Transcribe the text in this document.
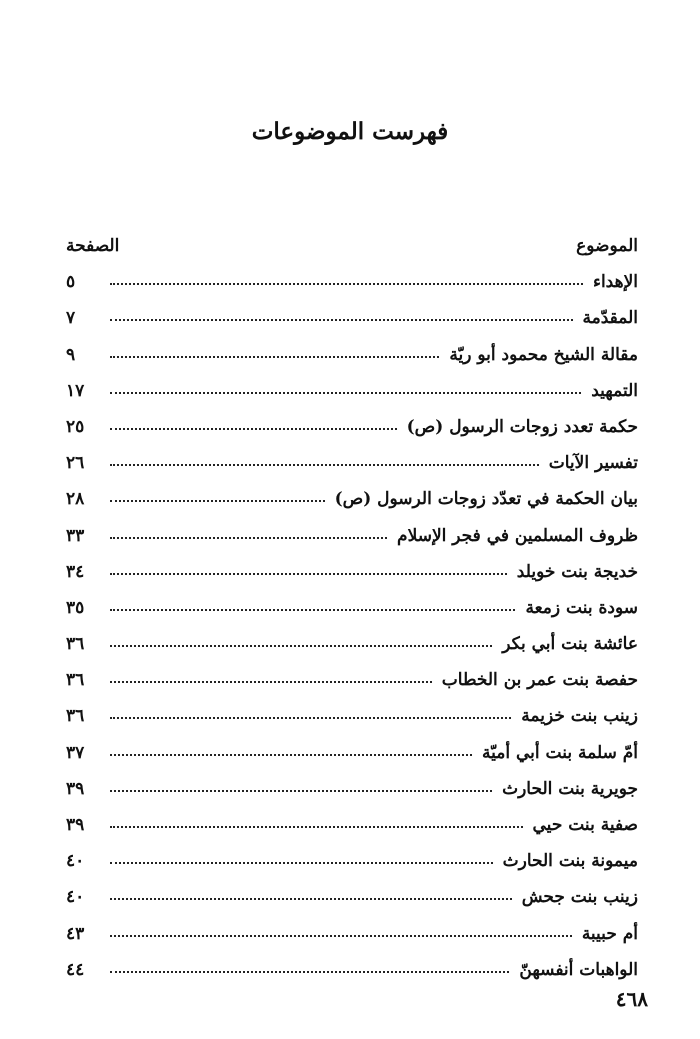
فهرست الموضوعات
الموضوع
الصفحة
الإهداء
٥
المقدّمة
٧
مقالة الشيخ محمود أبو ريّة
٩
التمهيد
١٧
حكمة تعدد زوجات الرسول (ص)
٢٥
تفسير الآيات
٢٦
بيان الحكمة في تعدّد زوجات الرسول (ص)
٢٨
ظروف المسلمين في فجر الإسلام
٣٣
خديجة بنت خويلد
٣٤
سودة بنت زمعة
٣٥
عائشة بنت أبي بكر
٣٦
حفصة بنت عمر بن الخطاب
٣٦
زينب بنت خزيمة
٣٦
أمّ سلمة بنت أبي أميّة
٣٧
جويرية بنت الحارث
٣٩
صفية بنت حيي
٣٩
ميمونة بنت الحارث
٤٠
زينب بنت جحش
٤٠
أم حبيبة
٤٣
الواهبات أنفسهنّ
٤٤
٤٦٨
